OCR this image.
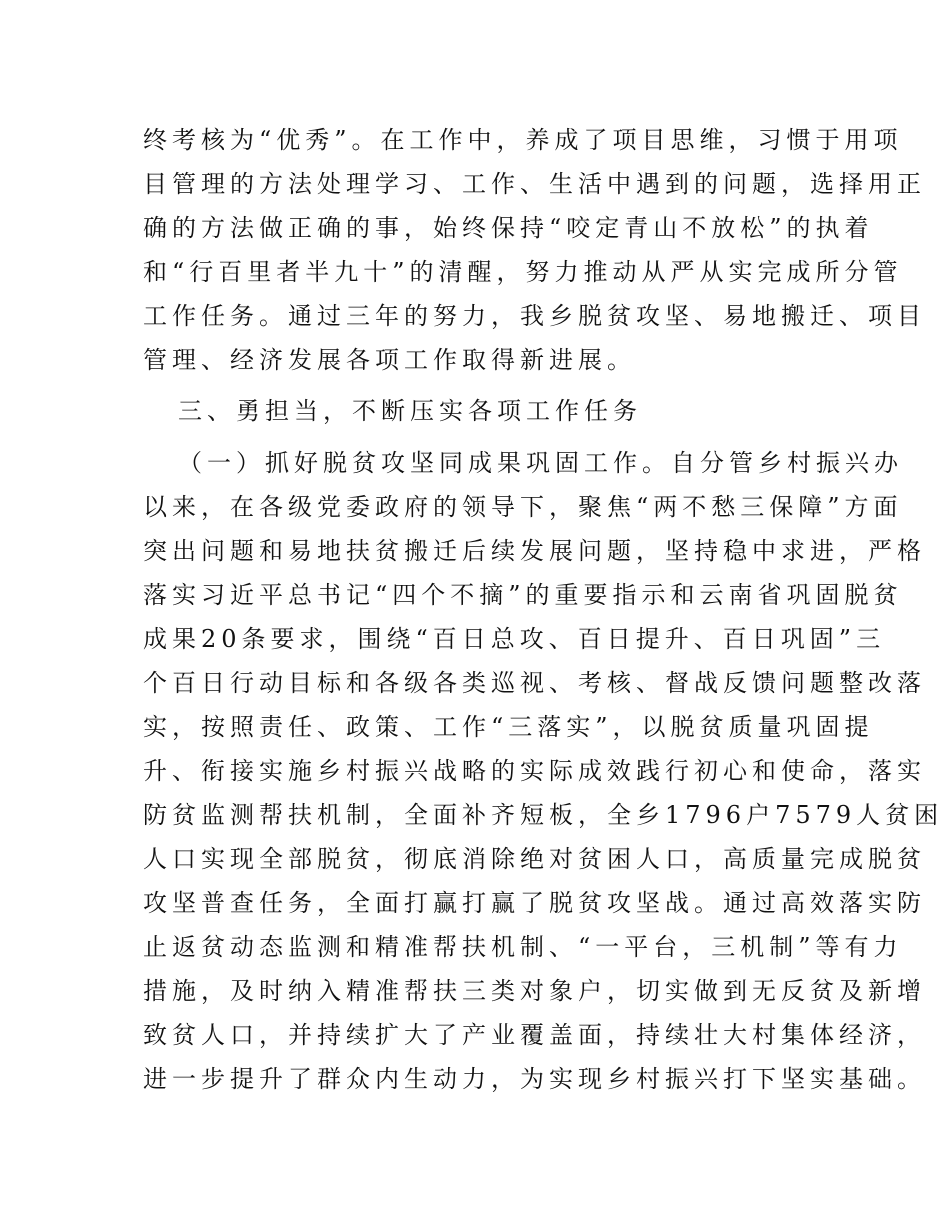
终考核为“优秀”。在工作中，养成了项目思维，习惯于用项
目管理的方法处理学习、工作、生活中遇到的问题，选择用正
确的方法做正确的事，始终保持“咬定青山不放松”的执着
和“行百里者半九十”的清醒，努力推动从严从实完成所分管
工作任务。通过三年的努力，我乡脱贫攻坚、易地搬迁、项目
管理、经济发展各项工作取得新进展。
三、勇担当，不断压实各项工作任务
（一）抓好脱贫攻坚同成果巩固工作。自分管乡村振兴办
以来，在各级党委政府的领导下，聚焦“两不愁三保障”方面
突出问题和易地扶贫搬迁后续发展问题，坚持稳中求进，严格
落实习近平总书记“四个不摘”的重要指示和云南省巩固脱贫
成果20条要求，围绕“百日总攻、百日提升、百日巩固”三
个百日行动目标和各级各类巡视、考核、督战反馈问题整改落
实，按照责任、政策、工作“三落实”，以脱贫质量巩固提
升、衔接实施乡村振兴战略的实际成效践行初心和使命，落实
防贫监测帮扶机制，全面补齐短板，全乡1796户7579人贫困
人口实现全部脱贫，彻底消除绝对贫困人口，高质量完成脱贫
攻坚普查任务，全面打赢打赢了脱贫攻坚战。通过高效落实防
止返贫动态监测和精准帮扶机制、“一平台，三机制”等有力
措施，及时纳入精准帮扶三类对象户，切实做到无反贫及新增
致贫人口，并持续扩大了产业覆盖面，持续壮大村集体经济，
进一步提升了群众内生动力，为实现乡村振兴打下坚实基础。
